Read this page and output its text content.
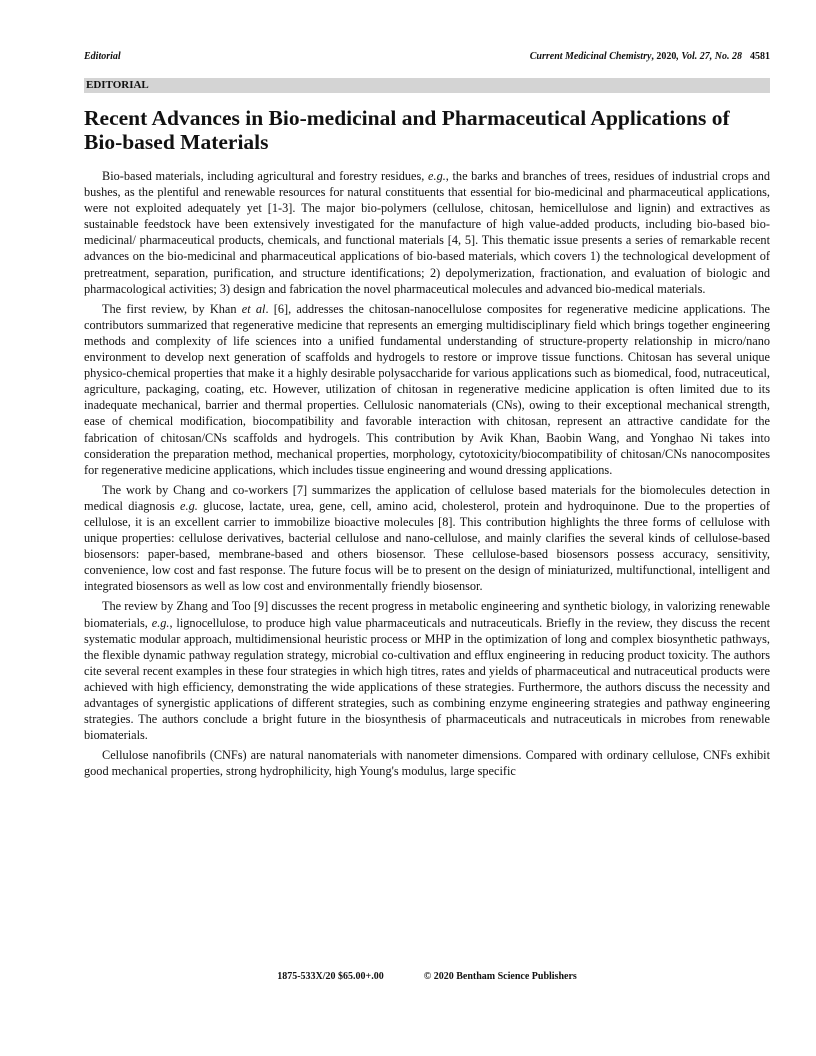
Editorial	Current Medicinal Chemistry, 2020, Vol. 27, No. 28 4581
EDITORIAL
Recent Advances in Bio-medicinal and Pharmaceutical Applications of Bio-based Materials

Bio-based materials, including agricultural and forestry residues, e.g., the barks and branches of trees, residues of industrial crops and bushes, as the plentiful and renewable resources for natural constituents that essential for bio-medicinal and pharmaceutical applications, were not exploited adequately yet [1-3]. The major bio-polymers (cellulose, chitosan, hemicellulose and lignin) and extractives as sustainable feedstock have been extensively investigated for the manufacture of high value-added products, including bio-based bio-medicinal/ pharmaceutical products, chemicals, and functional materials [4, 5]. This thematic issue presents a series of remarkable recent advances on the bio-medicinal and pharmaceutical applications of bio-based materials, which covers 1) the technological development of pretreatment, separation, purification, and structure identifications; 2) depolymerization, fractionation, and evaluation of biologic and pharmacological activities; 3) design and fabrication the novel pharmaceutical molecules and advanced bio-medical materials.

The first review, by Khan et al. [6], addresses the chitosan-nanocellulose composites for regenerative medicine applications. The contributors summarized that regenerative medicine that represents an emerging multidisciplinary field which brings together engineering methods and complexity of life sciences into a unified fundamental understanding of structure-property relationship in micro/nano environment to develop next generation of scaffolds and hydrogels to restore or improve tissue functions. Chitosan has several unique physico-chemical properties that make it a highly desirable polysaccharide for various applications such as biomedical, food, nutraceutical, agriculture, packaging, coating, etc. However, utilization of chitosan in regenerative medicine application is often limited due to its inadequate mechanical, barrier and thermal properties. Cellulosic nanomaterials (CNs), owing to their exceptional mechanical strength, ease of chemical modification, biocompatibility and favorable interaction with chitosan, represent an attractive candidate for the fabrication of chitosan/CNs scaffolds and hydrogels. This contribution by Avik Khan, Baobin Wang, and Yonghao Ni takes into consideration the preparation method, mechanical properties, morphology, cytotoxicity/biocompatibility of chitosan/CNs nanocomposites for regenerative medicine applications, which includes tissue engineering and wound dressing applications.

The work by Chang and co-workers [7] summarizes the application of cellulose based materials for the biomolecules detection in medical diagnosis e.g. glucose, lactate, urea, gene, cell, amino acid, cholesterol, protein and hydroquinone. Due to the properties of cellulose, it is an excellent carrier to immobilize bioactive molecules [8]. This contribution highlights the three forms of cellulose with unique properties: cellulose derivatives, bacterial cellulose and nano-cellulose, and mainly clarifies the several kinds of cellulose-based biosensors: paper-based, membrane-based and others biosensor. These cellulose-based biosensors possess accuracy, sensitivity, convenience, low cost and fast response. The future focus will be to present on the design of miniaturized, multifunctional, intelligent and integrated biosensors as well as low cost and environmentally friendly biosensor.

The review by Zhang and Too [9] discusses the recent progress in metabolic engineering and synthetic biology, in valorizing renewable biomaterials, e.g., lignocellulose, to produce high value pharmaceuticals and nutraceuticals. Briefly in the review, they discuss the recent systematic modular approach, multidimensional heuristic process or MHP in the optimization of long and complex biosynthetic pathways, the flexible dynamic pathway regulation strategy, microbial co-cultivation and efflux engineering in reducing product toxicity. The authors cite several recent examples in these four strategies in which high titres, rates and yields of pharmaceutical and nutraceutical products were achieved with high efficiency, demonstrating the wide applications of these strategies. Furthermore, the authors discuss the necessity and advantages of synergistic applications of different strategies, such as combining enzyme engineering strategies and pathway engineering strategies. The authors conclude a bright future in the biosynthesis of pharmaceuticals and nutraceuticals in microbes from renewable biomaterials.

Cellulose nanofibrils (CNFs) are natural nanomaterials with nanometer dimensions. Compared with ordinary cellulose, CNFs exhibit good mechanical properties, strong hydrophilicity, high Young's modulus, large specific

1875-533X/20 $65.00+.00	© 2020 Bentham Science Publishers
